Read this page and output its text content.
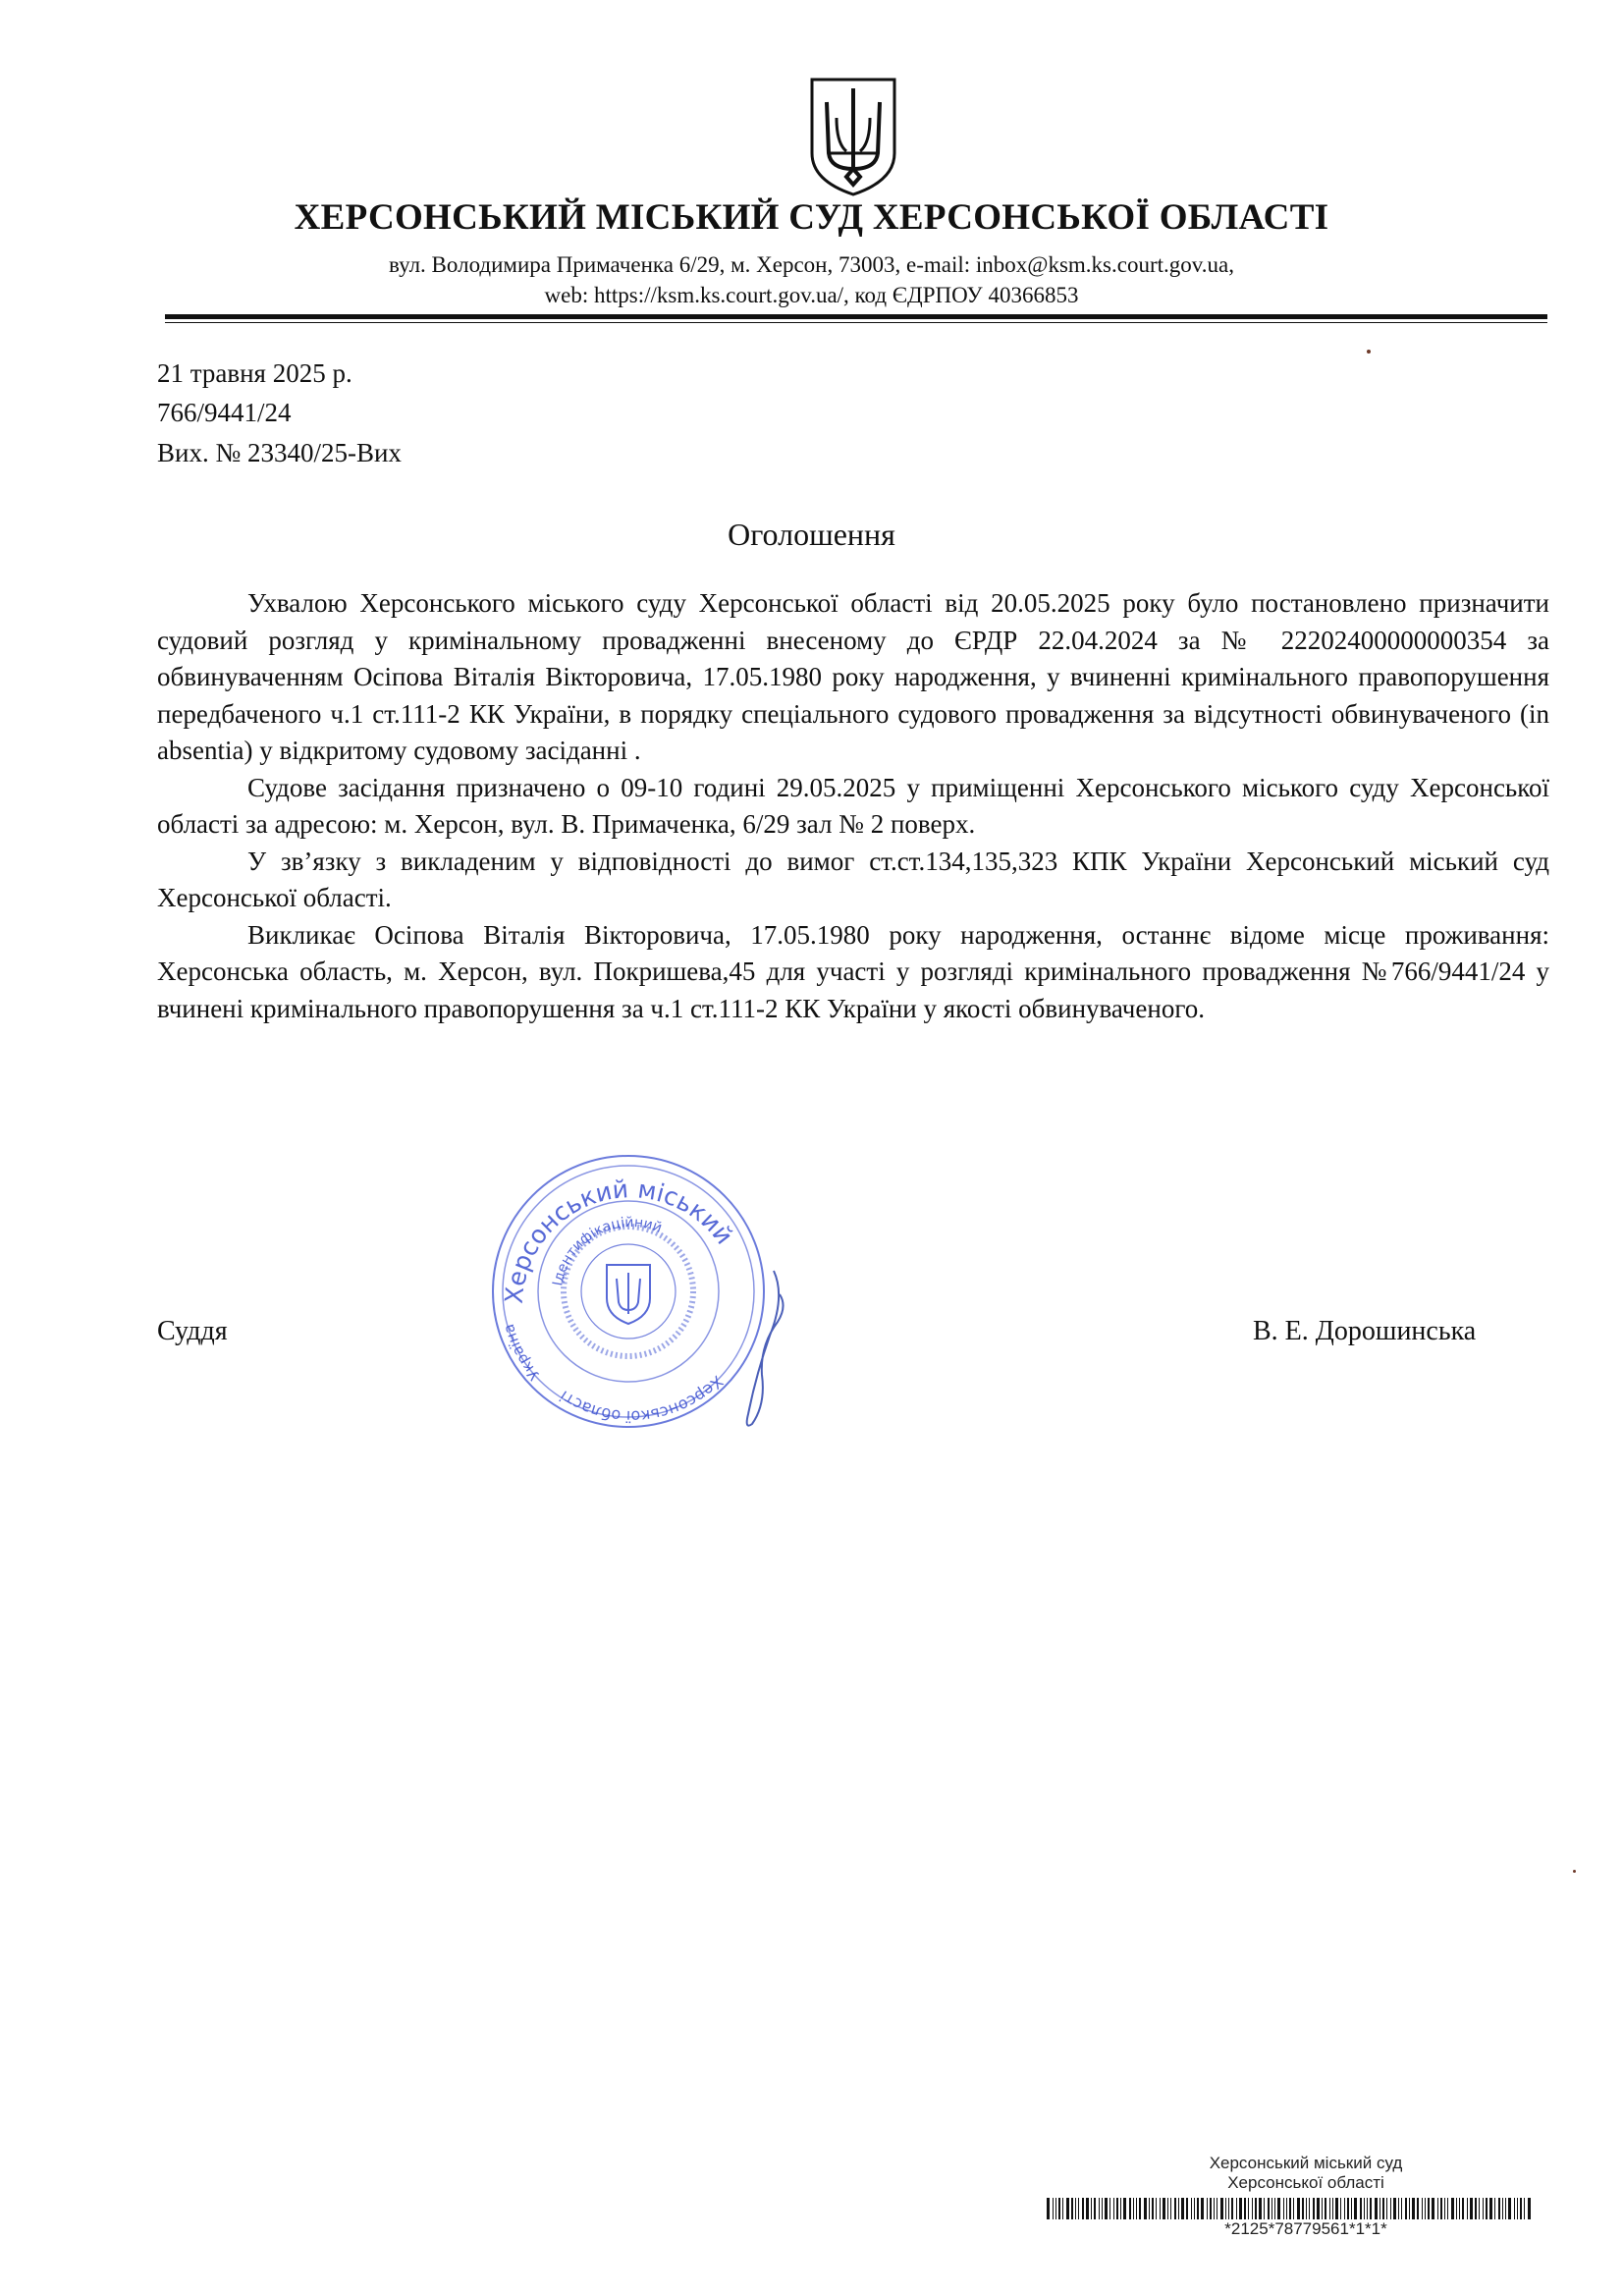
ХЕРСОНСЬКИЙ МІСЬКИЙ СУД ХЕРСОНСЬКОЇ ОБЛАСТІ
вул. Володимира Примаченка 6/29, м. Херсон, 73003, e-mail: inbox@ksm.ks.court.gov.ua,
web: https://ksm.ks.court.gov.ua/, код ЄДРПОУ 40366853
21 травня 2025 р.
766/9441/24
Вих. № 23340/25-Вих
Оголошення

Ухвалою Херсонського міського суду Херсонської області від 20.05.2025 року було постановлено призначити судовий розгляд у кримінальному провадженні внесеному до ЄРДР 22.04.2024 за № 22202400000000354 за обвинуваченням Осіпова Віталія Вікторовича, 17.05.1980 року народження, у вчиненні кримінального правопорушення передбаченого ч.1 ст.111-2 КК України, в порядку спеціального судового провадження за відсутності обвинуваченого (in absentia) у відкритому судовому засіданні .

Судове засідання призначено о 09-10 годині 29.05.2025 у приміщенні Херсонського міського суду Херсонської області за адресою: м. Херсон, вул. В. Примаченка, 6/29 зал № 2 поверх.

У зв’язку з викладеним у відповідності до вимог ст.ст.134,135,323 КПК України Херсонський міський суд Херсонської області.

Викликає Осіпова Віталія Вікторовича, 17.05.1980 року народження, останнє відоме місце проживання: Херсонська область, м. Херсон, вул. Покришева,45 для участі у розгляді кримінального провадження №766/9441/24 у вчинені кримінального правопорушення за ч.1 ст.111-2 КК України у якості обвинуваченого.

Херсонський міський
Ідентифікаційний
Україна
Херсонської області
Суддя	В. Е. Дорошинська
Херсонський міський суд
Херсонської області
*2125*78779561*1*1*
